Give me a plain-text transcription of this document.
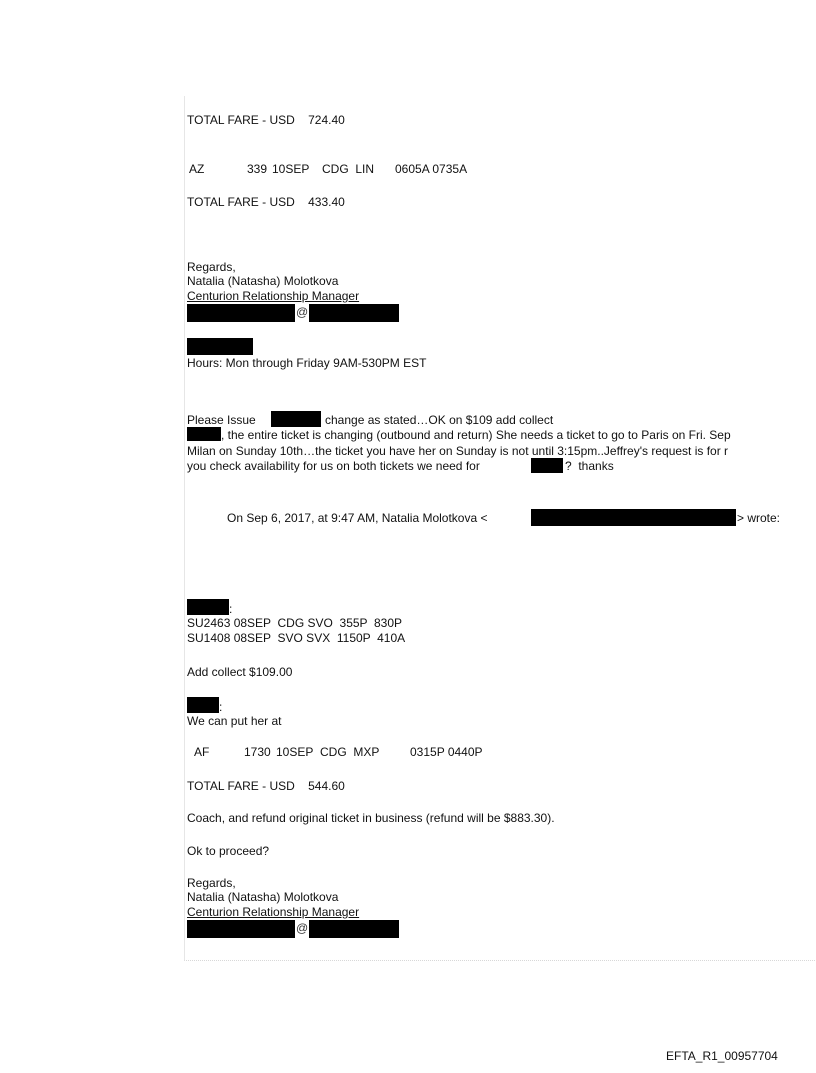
TOTAL FARE - USD    724.40
AZ	339 10SEP CDG  LIN 0605A 0735A
TOTAL FARE - USD    433.40
Regards,
Natalia (Natasha) Molotkova
Centurion Relationship Manager
@
Hours: Mon through Friday 9AM-530PM EST
Please Issue	change as stated…OK on $109 add collect
, the entire ticket is changing (outbound and return) She needs a ticket to go to Paris on Fri. Sep
Milan on Sunday 10th…the ticket you have her on Sunday is not until 3:15pm..Jeffrey's request is for r
you check availability for us on both tickets we need for	?  thanks
On Sep 6, 2017, at 9:47 AM, Natalia Molotkova <	> wrote:
:
SU2463 08SEP  CDG SVO  355P  830P
SU1408 08SEP  SVO SVX  1150P  410A
Add collect $109.00
:
We can put her at
AF	1730 10SEP CDG  MXP	0315P 0440P
TOTAL FARE - USD    544.60
Coach, and refund original ticket in business (refund will be $883.30).
Ok to proceed?
Regards,
Natalia (Natasha) Molotkova
Centurion Relationship Manager
@
EFTA_R1_00957704
